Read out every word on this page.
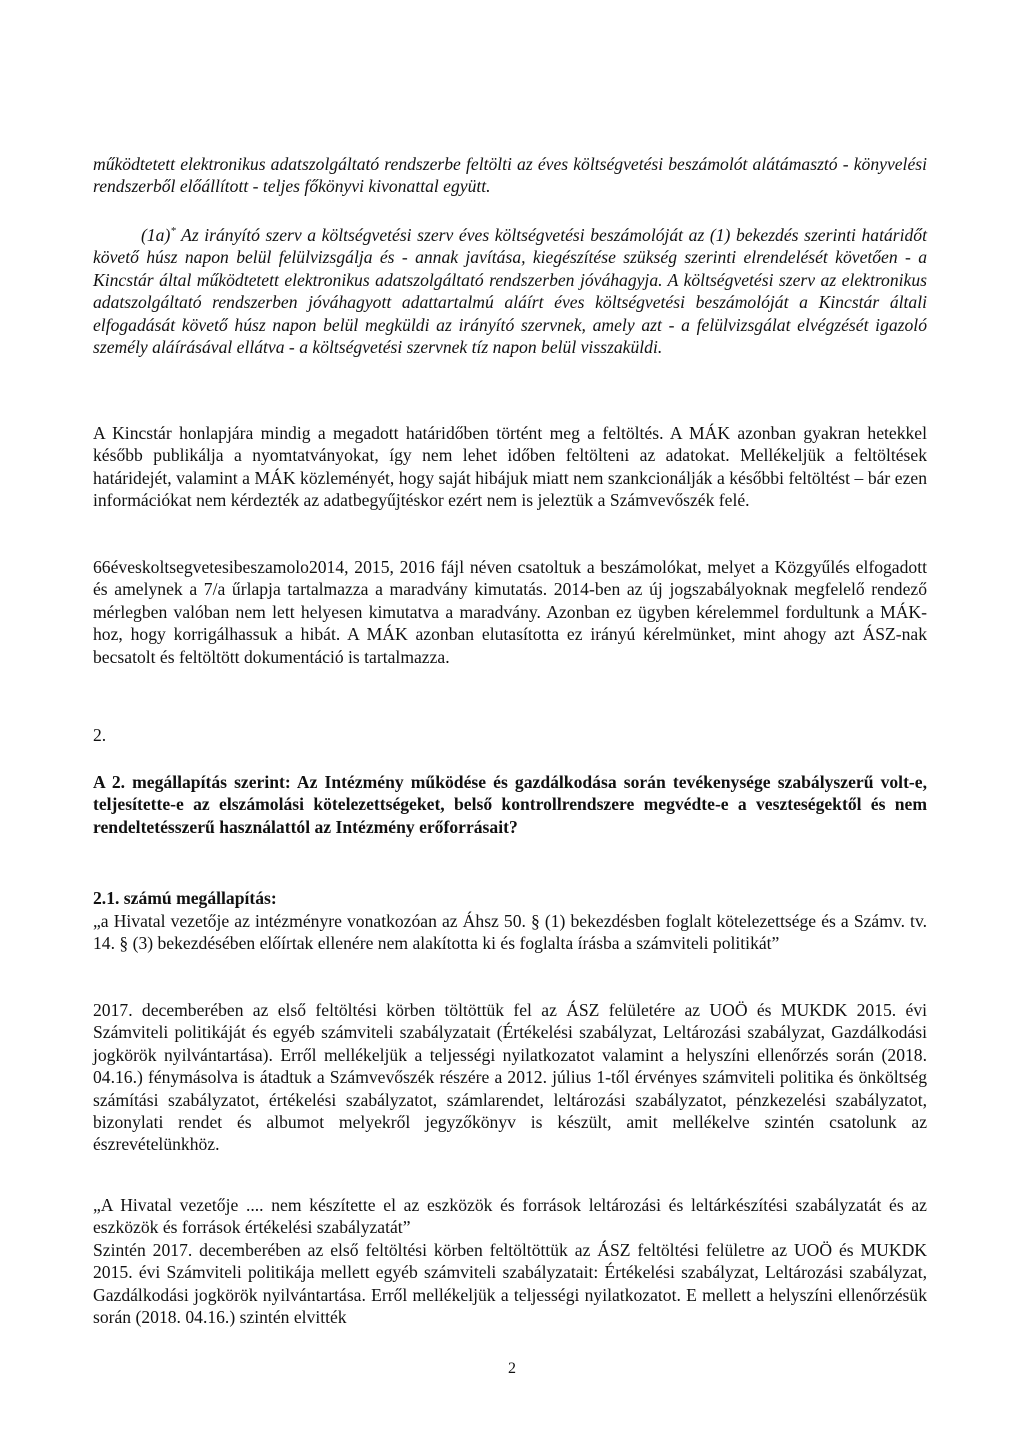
működtetett elektronikus adatszolgáltató rendszerbe feltölti az éves költségvetési beszámolót alátámasztó - könyvelési rendszerből előállított - teljes főkönyvi kivonattal együtt.

(1a)* Az irányító szerv a költségvetési szerv éves költségvetési beszámolóját az (1) bekezdés szerinti határidőt követő húsz napon belül felülvizsgálja és - annak javítása, kiegészítése szükség szerinti elrendelését követően - a Kincstár által működtetett elektronikus adatszolgáltató rendszerben jóváhagyja. A költségvetési szerv az elektronikus adatszolgáltató rendszerben jóváhagyott adattartalmú aláírt éves költségvetési beszámolóját a Kincstár általi elfogadását követő húsz napon belül megküldi az irányító szervnek, amely azt - a felülvizsgálat elvégzését igazoló személy aláírásával ellátva - a költségvetési szervnek tíz napon belül visszaküldi.

A Kincstár honlapjára mindig a megadott határidőben történt meg a feltöltés. A MÁK azonban gyakran hetekkel később publikálja a nyomtatványokat, így nem lehet időben feltölteni az adatokat. Mellékeljük a feltöltések határidejét, valamint a MÁK közleményét, hogy saját hibájuk miatt nem szankcionálják a későbbi feltöltést – bár ezen információkat nem kérdezték az adatbegyűjtéskor ezért nem is jeleztük a Számvevőszék felé.

66éveskoltsegvetesibeszamolo2014, 2015, 2016 fájl néven csatoltuk a beszámolókat, melyet a Közgyűlés elfogadott és amelynek a 7/a űrlapja tartalmazza a maradvány kimutatás. 2014-ben az új jogszabályoknak megfelelő rendező mérlegben valóban nem lett helyesen kimutatva a maradvány. Azonban ez ügyben kérelemmel fordultunk a MÁK-hoz, hogy korrigálhassuk a hibát. A MÁK azonban elutasította ez irányú kérelmünket, mint ahogy azt ÁSZ-nak becsatolt és feltöltött dokumentáció is tartalmazza.

2.

A 2. megállapítás szerint: Az Intézmény működése és gazdálkodása során tevékenysége szabályszerű volt-e, teljesítette-e az elszámolási kötelezettségeket, belső kontrollrendszere megvédte-e a veszteségektől és nem rendeltetésszerű használattól az Intézmény erőforrásait?

2.1. számú megállapítás:

„a Hivatal vezetője az intézményre vonatkozóan az Áhsz 50. § (1) bekezdésben foglalt kötelezettsége és a Számv. tv. 14. § (3) bekezdésében előírtak ellenére nem alakította ki és foglalta írásba a számviteli politikát”

2017. decemberében az első feltöltési körben töltöttük fel az ÁSZ felületére az UOÖ és MUKDK 2015. évi Számviteli politikáját és egyéb számviteli szabályzatait (Értékelési szabályzat, Leltározási szabályzat, Gazdálkodási jogkörök nyilvántartása). Erről mellékeljük a teljességi nyilatkozatot valamint a helyszíni ellenőrzés során (2018. 04.16.) fénymásolva is átadtuk a Számvevőszék részére a 2012. július 1-től érvényes számviteli politika és önköltség számítási szabályzatot, értékelési szabályzatot, számlarendet, leltározási szabályzatot, pénzkezelési szabályzatot, bizonylati rendet és albumot melyekről jegyzőkönyv is készült, amit mellékelve szintén csatolunk az észrevételünkhöz.

„A Hivatal vezetője .... nem készítette el az eszközök és források leltározási és leltárkészítési szabályzatát és az eszközök és források értékelési szabályzatát”

Szintén 2017. decemberében az első feltöltési körben feltöltöttük az ÁSZ feltöltési felületre az UOÖ és MUKDK 2015. évi Számviteli politikája mellett egyéb számviteli szabályzatait: Értékelési szabályzat, Leltározási szabályzat, Gazdálkodási jogkörök nyilvántartása. Erről mellékeljük a teljességi nyilatkozatot. E mellett a helyszíni ellenőrzésük során (2018. 04.16.) szintén elvitték

2
